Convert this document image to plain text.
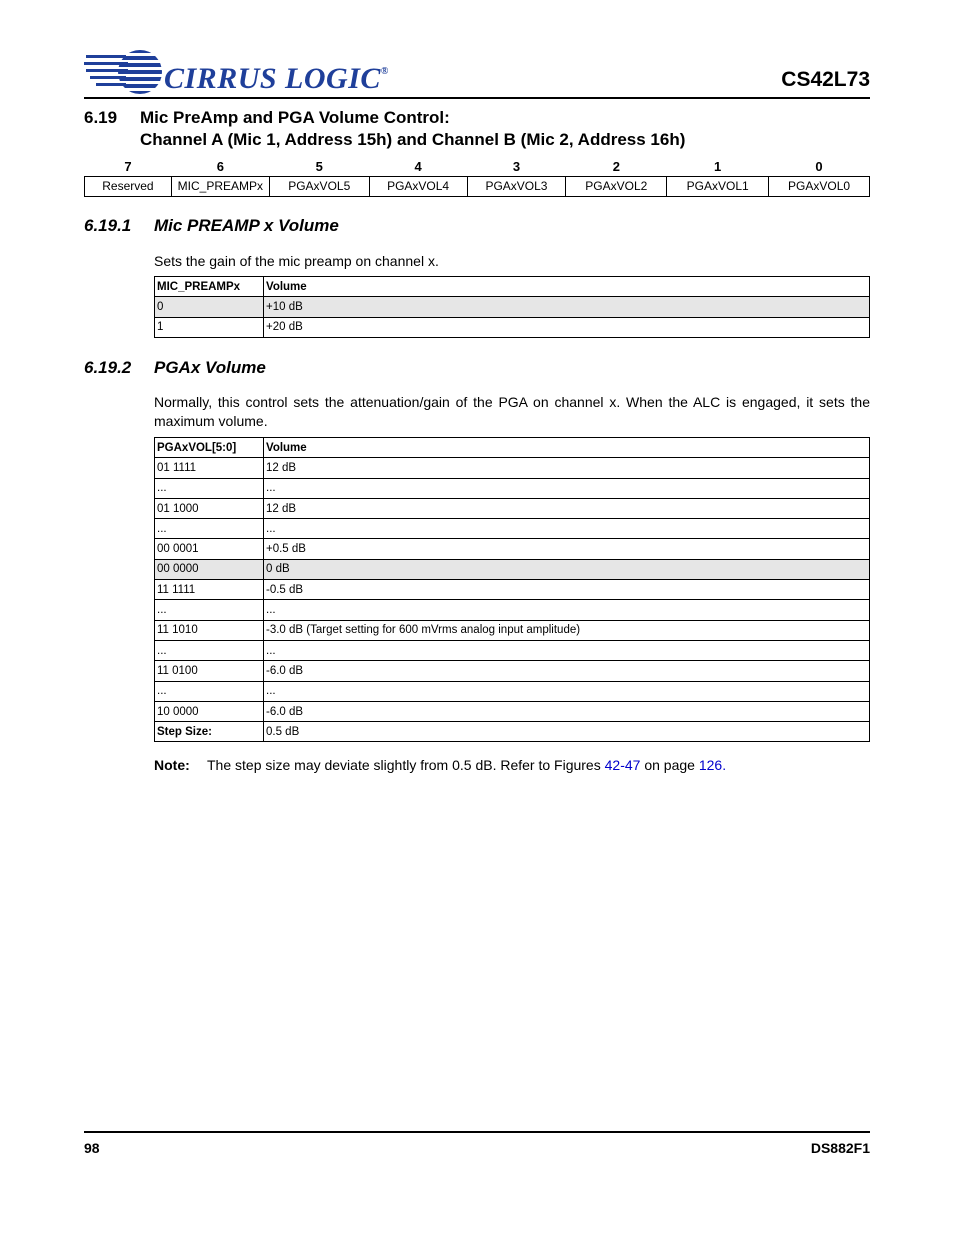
CIRRUS LOGIC®	CS42L73
6.19 Mic PreAmp and PGA Volume Control:
Channel A (Mic 1, Address 15h) and Channel B (Mic 2, Address 16h)
7	6	5	4	3	2	1	0
Reserved	MIC_PREAMPx	PGAxVOL5	PGAxVOL4	PGAxVOL3	PGAxVOL2	PGAxVOL1	PGAxVOL0
6.19.1 Mic PREAMP x Volume
Sets the gain of the mic preamp on channel x.
MIC_PREAMPx	Volume
0	+10 dB
1	+20 dB
6.19.2 PGAx Volume
Normally, this control sets the attenuation/gain of the PGA on channel x. When the ALC is engaged, it sets the maximum volume.
PGAxVOL[5:0]	Volume
01 1111	12 dB
...	...
01 1000	12 dB
...	...
00 0001	+0.5 dB
00 0000	0 dB
11 1111	-0.5 dB
...	...
11 1010	-3.0 dB (Target setting for 600 mVrms analog input amplitude)
...	...
11 0100	-6.0 dB
...	...
10 0000	-6.0 dB
Step Size:	0.5 dB
Note: The step size may deviate slightly from 0.5 dB. Refer to Figures 42-47 on page 126.
98	DS882F1
